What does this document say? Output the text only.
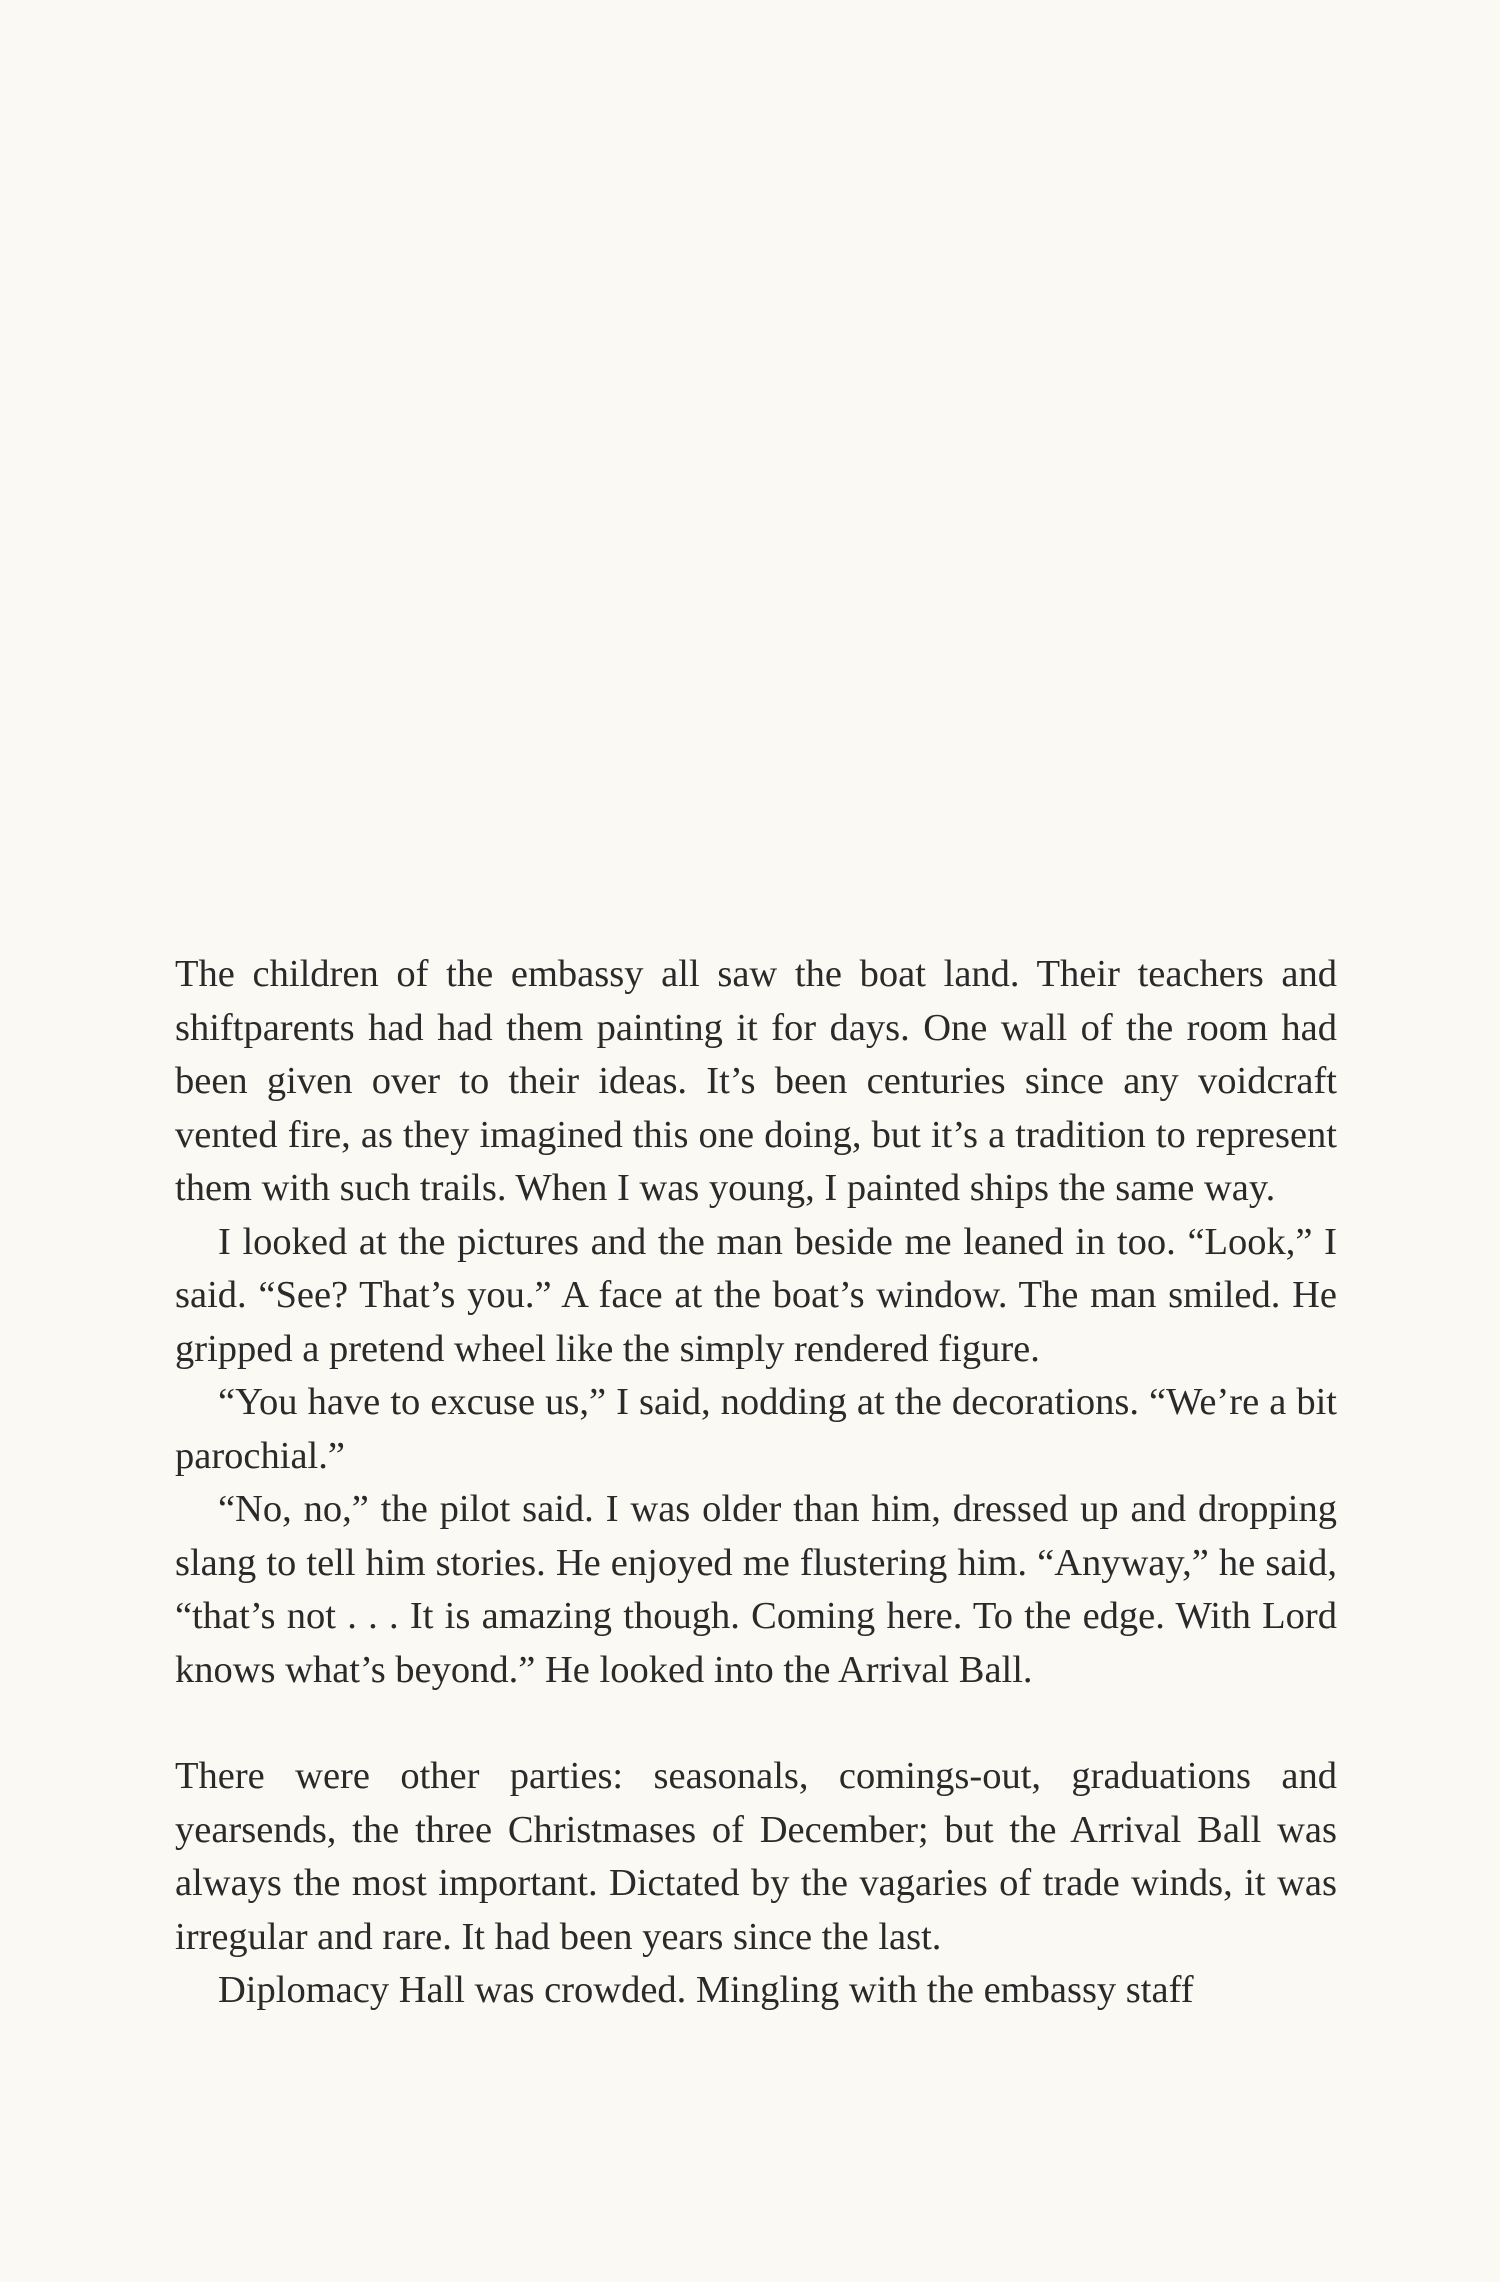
The children of the embassy all saw the boat land. Their teachers and shiftparents had had them painting it for days. One wall of the room had been given over to their ideas. It’s been centuries since any voidcraft vented fire, as they imagined this one doing, but it’s a tradition to represent them with such trails. When I was young, I painted ships the same way.

I looked at the pictures and the man beside me leaned in too. “Look,” I said. “See? That’s you.” A face at the boat’s window. The man smiled. He gripped a pretend wheel like the simply rendered figure.

“You have to excuse us,” I said, nodding at the decorations. “We’re a bit parochial.”

“No, no,” the pilot said. I was older than him, dressed up and dropping slang to tell him stories. He enjoyed me flustering him. “Anyway,” he said, “that’s not . . . It is amazing though. Coming here. To the edge. With Lord knows what’s beyond.” He looked into the Arrival Ball.

There were other parties: seasonals, comings-out, graduations and yearsends, the three Christmases of December; but the Arrival Ball was always the most important. Dictated by the vagaries of trade winds, it was irregular and rare. It had been years since the last.

Diplomacy Hall was crowded. Mingling with the embassy staff
